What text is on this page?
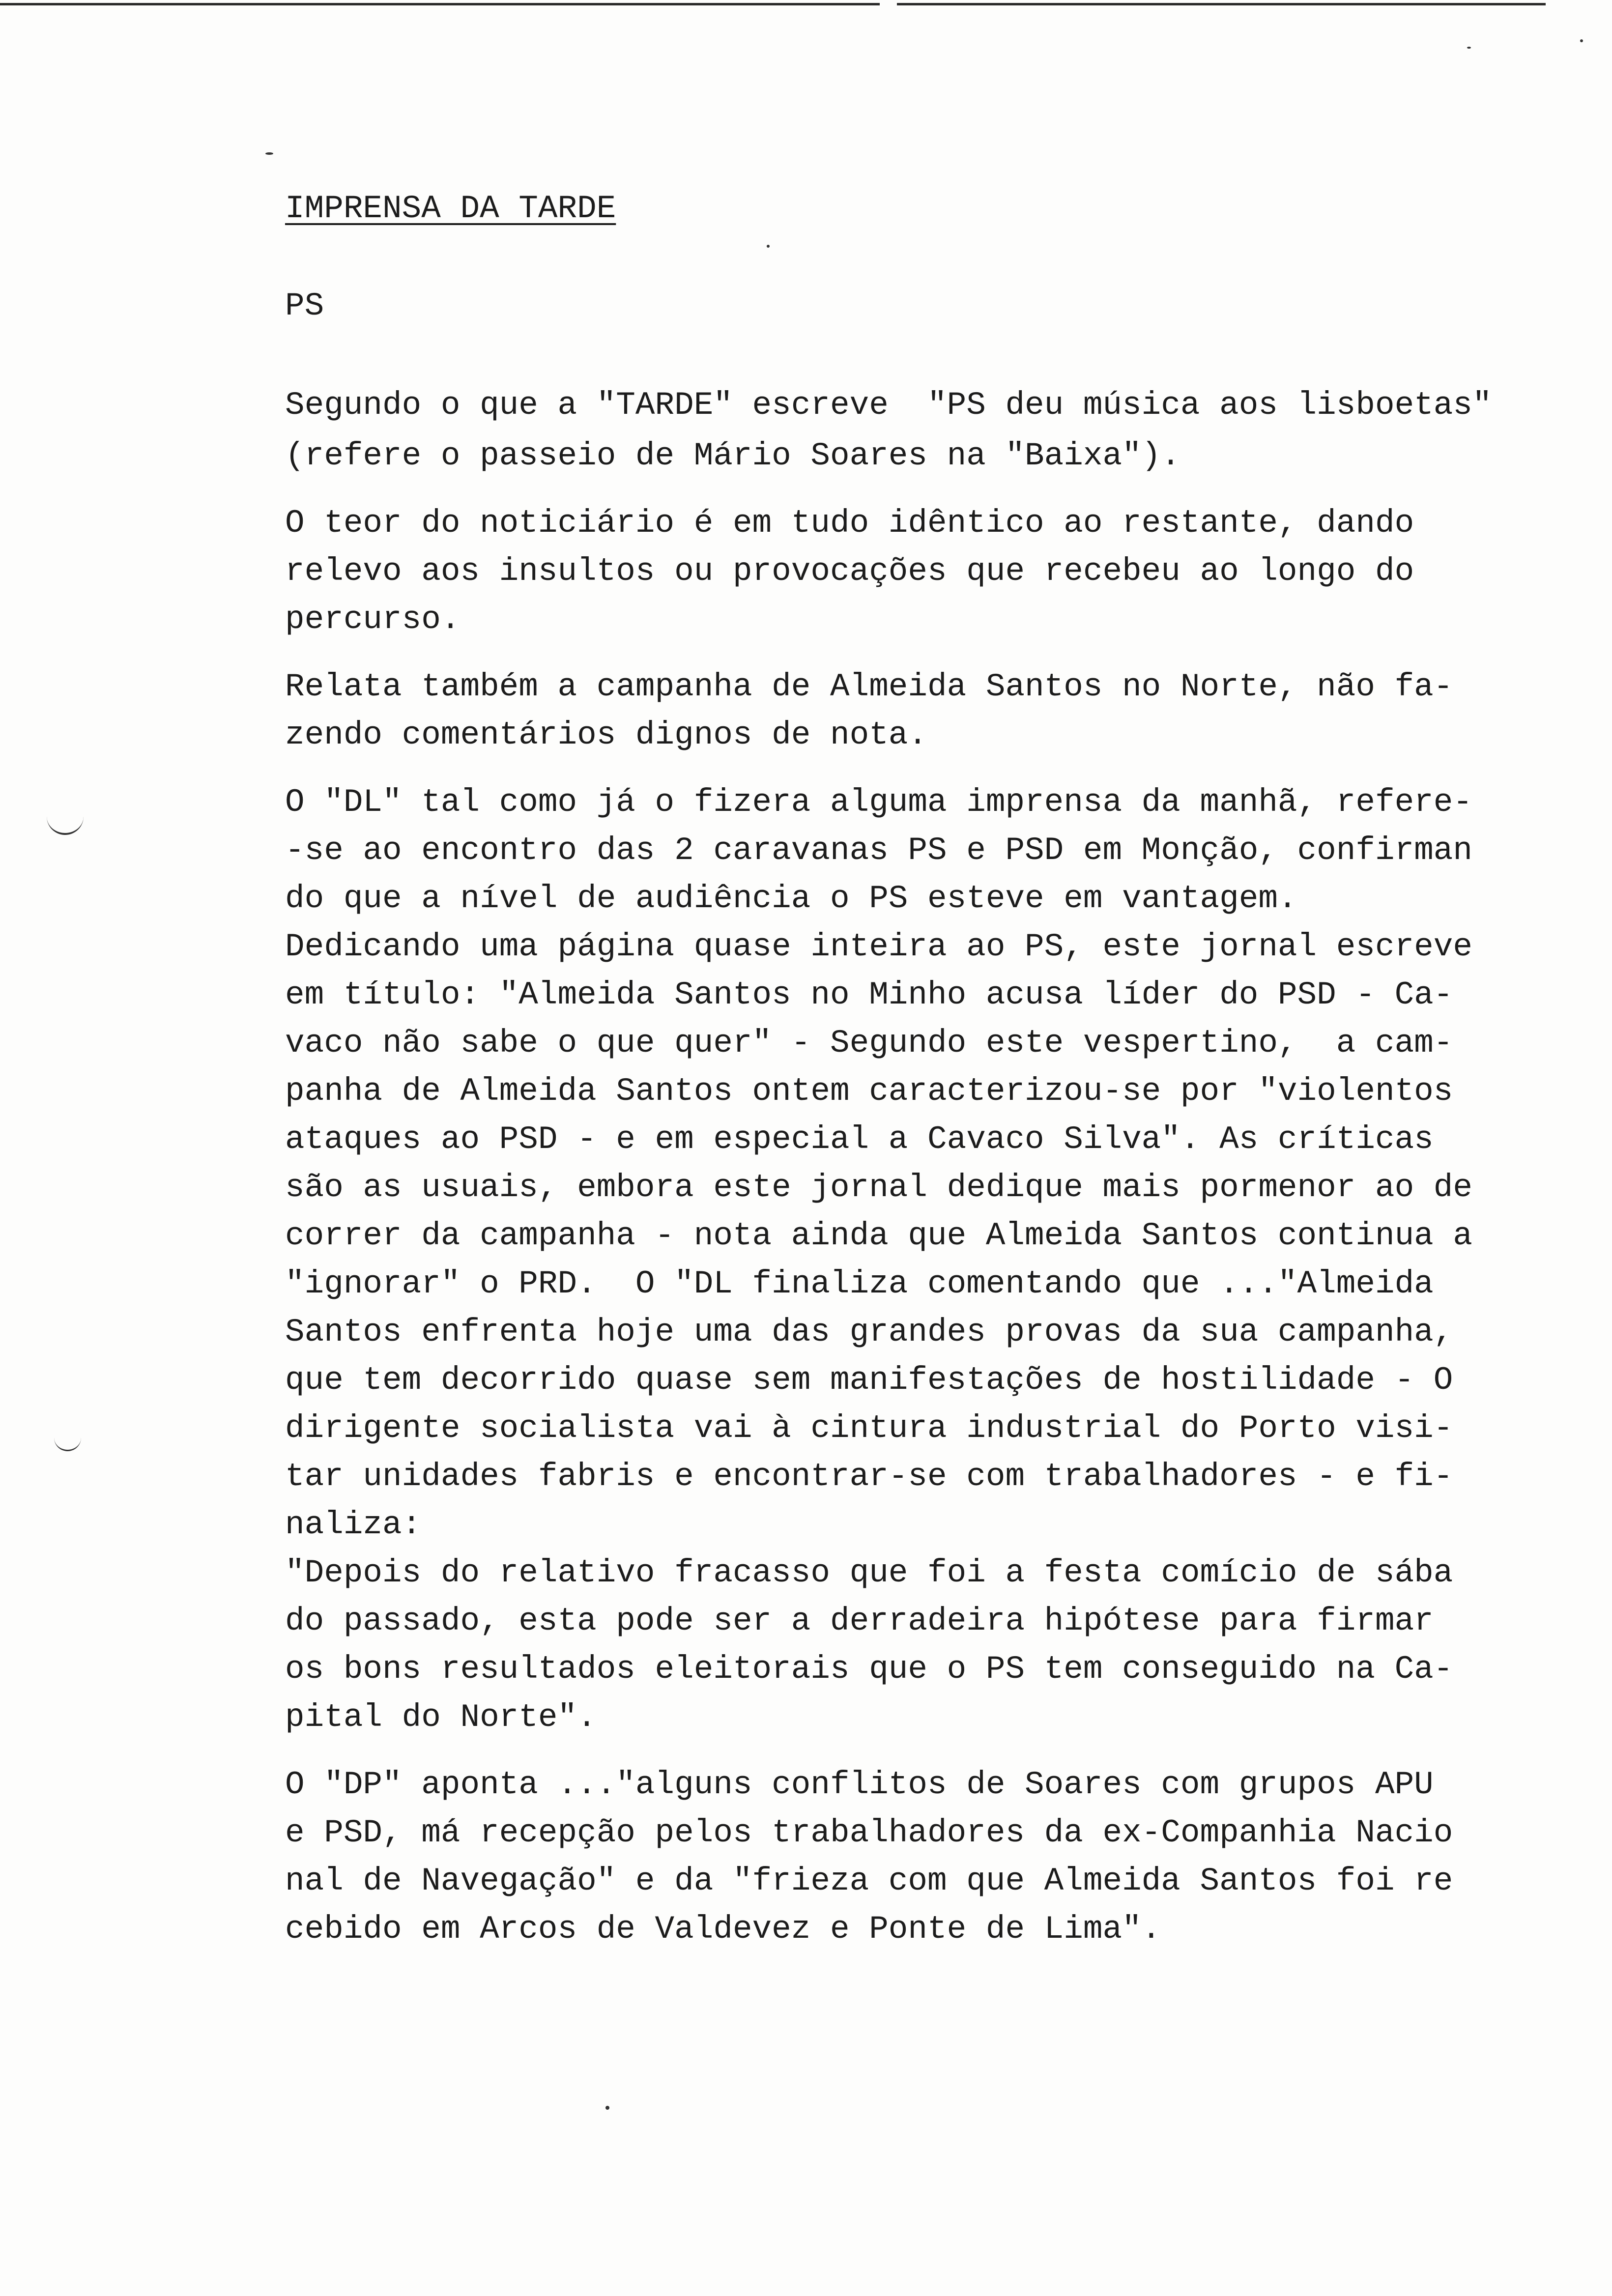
IMPRENSA DA TARDE

PS

Segundo o que a "TARDE" escreve  "PS deu música aos lisboetas"

(refere o passeio de Mário Soares na "Baixa").

O teor do noticiário é em tudo idêntico ao restante, dando

relevo aos insultos ou provocações que recebeu ao longo do

percurso.

Relata também a campanha de Almeida Santos no Norte, não fa-

zendo comentários dignos de nota.

O "DL" tal como já o fizera alguma imprensa da manhã, refere-

-se ao encontro das 2 caravanas PS e PSD em Monção, confirman

do que a nível de audiência o PS esteve em vantagem.

Dedicando uma página quase inteira ao PS, este jornal escreve

em título: "Almeida Santos no Minho acusa líder do PSD - Ca-

vaco não sabe o que quer" - Segundo este vespertino,  a cam-

panha de Almeida Santos ontem caracterizou-se por "violentos

ataques ao PSD - e em especial a Cavaco Silva". As críticas

são as usuais, embora este jornal dedique mais pormenor ao de

correr da campanha - nota ainda que Almeida Santos continua a

"ignorar" o PRD.  O "DL finaliza comentando que ..."Almeida

Santos enfrenta hoje uma das grandes provas da sua campanha,

que tem decorrido quase sem manifestações de hostilidade - O

dirigente socialista vai à cintura industrial do Porto visi-

tar unidades fabris e encontrar-se com trabalhadores - e fi-

naliza:

"Depois do relativo fracasso que foi a festa comício de sába

do passado, esta pode ser a derradeira hipótese para firmar

os bons resultados eleitorais que o PS tem conseguido na Ca-

pital do Norte".

O "DP" aponta ..."alguns conflitos de Soares com grupos APU

e PSD, má recepção pelos trabalhadores da ex-Companhia Nacio

nal de Navegação" e da "frieza com que Almeida Santos foi re

cebido em Arcos de Valdevez e Ponte de Lima".
